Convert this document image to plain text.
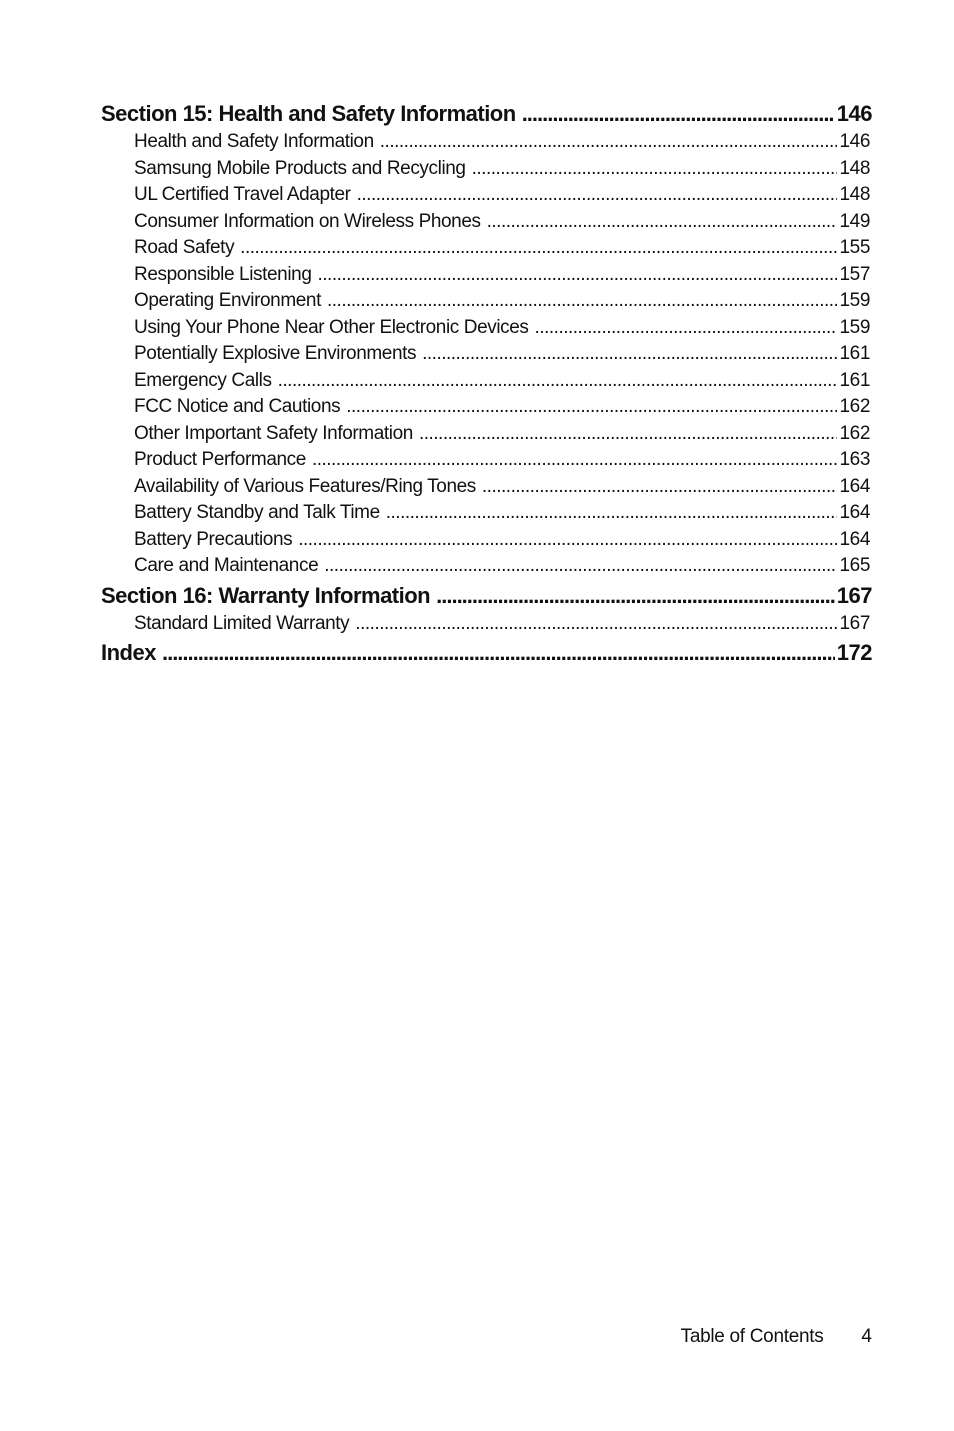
Section 15: Health and Safety Information .....	146
Health and Safety Information .....	146
Samsung Mobile Products and Recycling .....	148
UL Certified Travel Adapter .....	148
Consumer Information on Wireless Phones .....	149
Road Safety .....	155
Responsible Listening .....	157
Operating Environment .....	159
Using Your Phone Near Other Electronic Devices .....	159
Potentially Explosive Environments .....	161
Emergency Calls .....	161
FCC Notice and Cautions .....	162
Other Important Safety Information .....	162
Product Performance .....	163
Availability of Various Features/Ring Tones .....	164
Battery Standby and Talk Time .....	164
Battery Precautions .....	164
Care and Maintenance .....	165
Section 16: Warranty Information .....	167
Standard Limited Warranty .....	167
Index .....	172
Table of Contents 4
